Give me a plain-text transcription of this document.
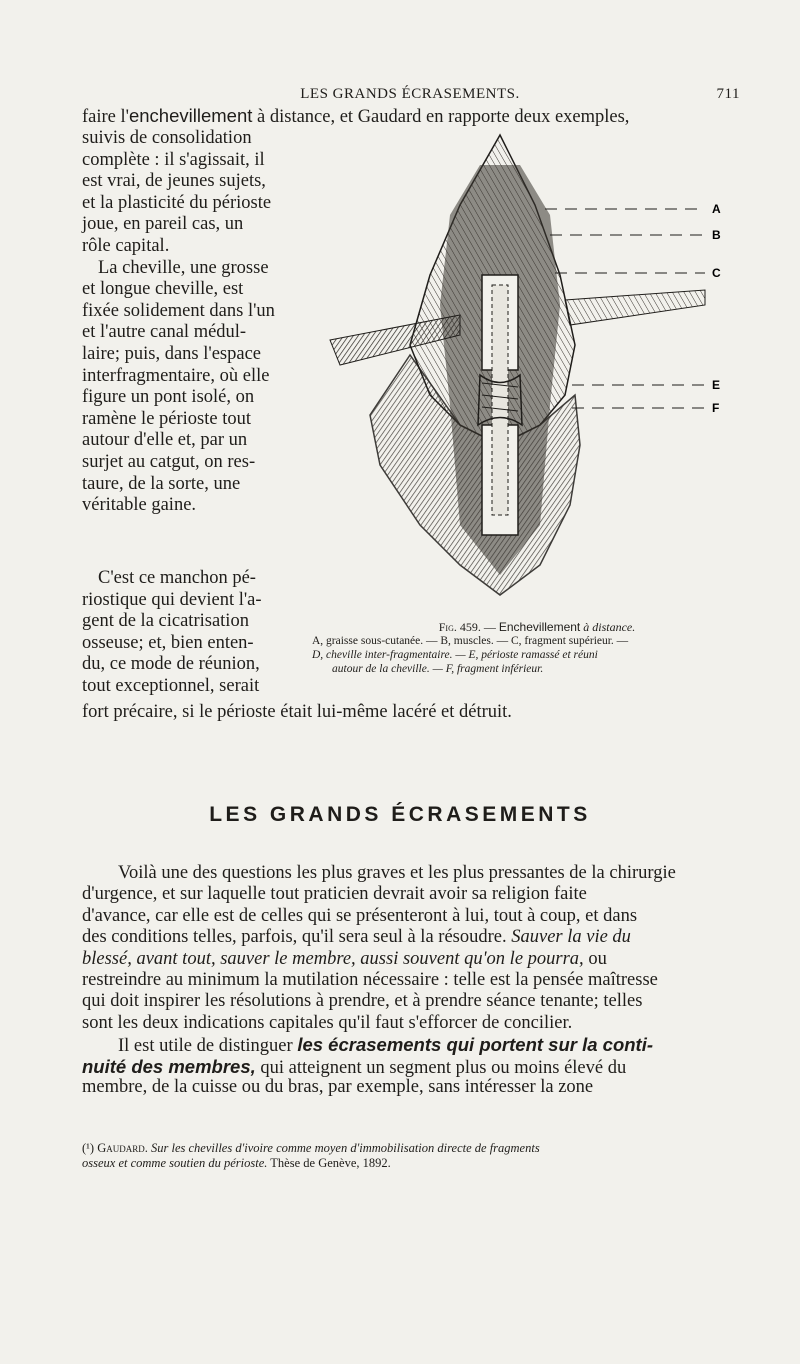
LES GRANDS ÉCRASEMENTS.	711
faire l'enchevillement à distance, et Gaudard en rapporte deux exemples,
suivis de consolidation
complète : il s'agissait, il
est vrai, de jeunes sujets,
et la plasticité du périoste
joue, en pareil cas, un
rôle capital.
La cheville, une grosse
et longue cheville, est
fixée solidement dans l'un
et l'autre canal médul-
laire; puis, dans l'espace
interfragmentaire, où elle
figure un pont isolé, on
ramène le périoste tout
autour d'elle et, par un
surjet au catgut, on res-
taure, de la sorte, une
véritable gaine.
C'est ce manchon pé-
riostique qui devient l'a-
gent de la cicatrisation
osseuse; et, bien enten-
du, ce mode de réunion,
tout exceptionnel, serait
fort précaire, si le périoste était lui-même lacéré et détruit.
A
B
C
E
F
Fig. 459. — Enchevillement à distance.
A, graisse sous-cutanée. — B, muscles. — C, fragment supérieur. —
D, cheville inter-fragmentaire. — E, périoste ramassé et réuni
autour de la cheville. — F, fragment inférieur.
LES GRANDS ÉCRASEMENTS
Voilà une des questions les plus graves et les plus pressantes de la chirurgie
d'urgence, et sur laquelle tout praticien devrait avoir sa religion faite
d'avance, car elle est de celles qui se présenteront à lui, tout à coup, et dans
des conditions telles, parfois, qu'il sera seul à la résoudre. Sauver la vie du
blessé, avant tout, sauver le membre, aussi souvent qu'on le pourra, ou
restreindre au minimum la mutilation nécessaire : telle est la pensée maîtresse
qui doit inspirer les résolutions à prendre, et à prendre séance tenante; telles
sont les deux indications capitales qu'il faut s'efforcer de concilier.
Il est utile de distinguer les écrasements qui portent sur la conti-
nuité des membres, qui atteignent un segment plus ou moins élevé du
membre, de la cuisse ou du bras, par exemple, sans intéresser la zone
(¹) Gaudard. Sur les chevilles d'ivoire comme moyen d'immobilisation directe de fragments
osseux et comme soutien du périoste. Thèse de Genève, 1892.
